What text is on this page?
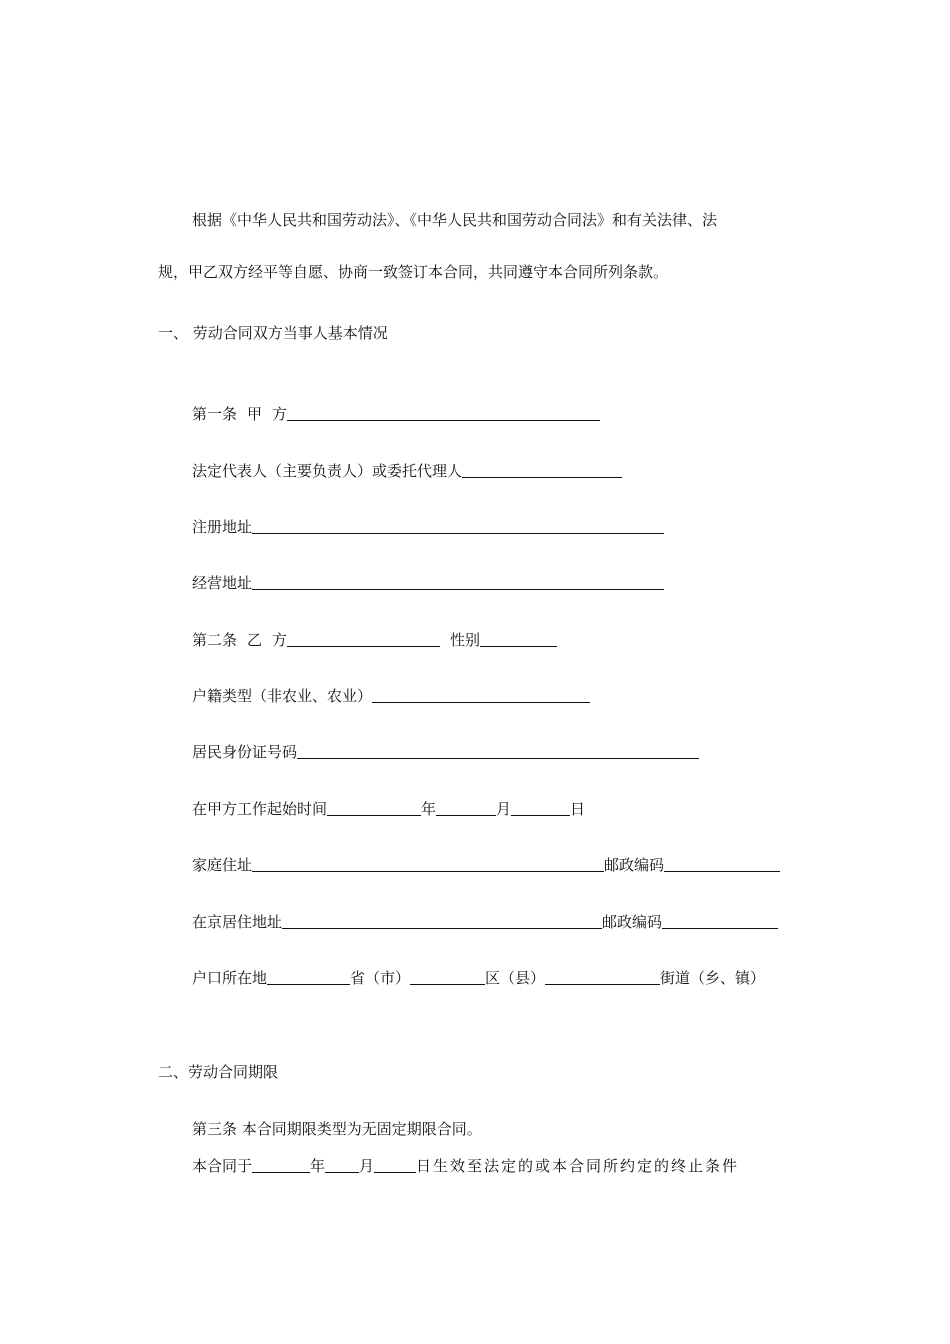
根据《中华人民共和国劳动法》、《中华人民共和国劳动合同法》和有关法律、法
规，甲乙双方经平等自愿、协商一致签订本合同，共同遵守本合同所列条款。
一、 劳动合同双方当事人基本情况
第一条 甲 方
法定代表人（主要负责人）或委托代理人
注册地址
经营地址
第二条 乙 方	性别
户籍类型（非农业、农业）
居民身份证号码
在甲方工作起始时间	年	月	日
家庭住址	邮政编码
在京居住地址	邮政编码
户口所在地	省（市）	区（县）	街道（乡、镇）
二、劳动合同期限
第三条 本合同期限类型为无固定期限合同。
本合同于	年 月	日生效至法定的或本合同所约定的终止条件
